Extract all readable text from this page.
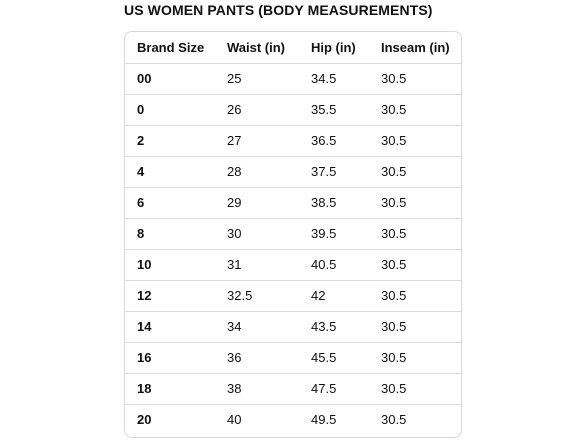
US WOMEN PANTS (BODY MEASUREMENTS)
Brand Size	Waist (in)	Hip (in)	Inseam (in)
00	25	34.5	30.5
0	26	35.5	30.5
2	27	36.5	30.5
4	28	37.5	30.5
6	29	38.5	30.5
8	30	39.5	30.5
10	31	40.5	30.5
12	32.5	42	30.5
14	34	43.5	30.5
16	36	45.5	30.5
18	38	47.5	30.5
20	40	49.5	30.5
